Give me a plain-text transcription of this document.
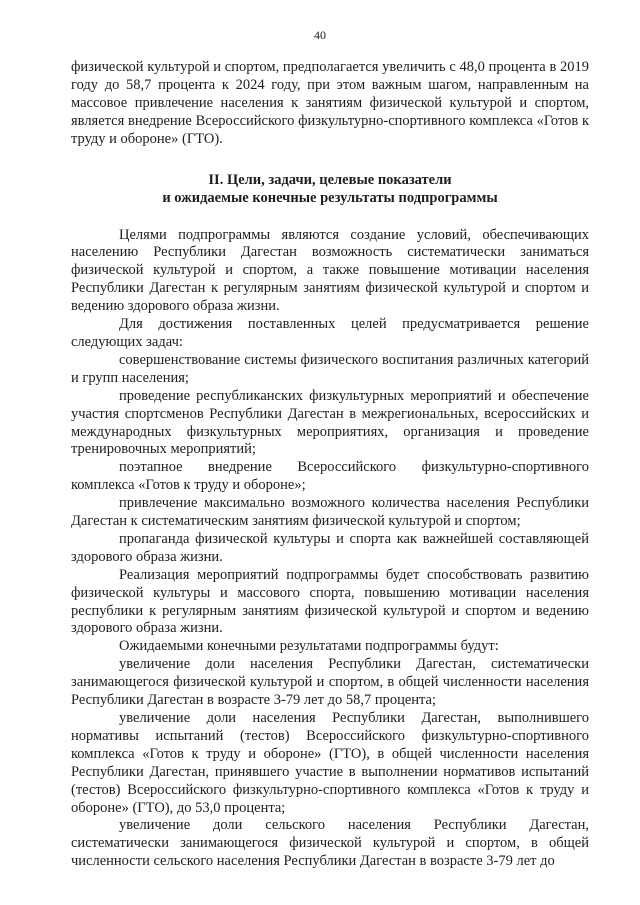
40

физической культурой и спортом, предполагается увеличить с 48,0 процента в 2019 году до 58,7 процента к 2024 году, при этом важным шагом, направленным на массовое привлечение населения к занятиям физической культурой и спортом, является внедрение Всероссийского физкультурно-спортивного комплекса «Готов к труду и обороне» (ГТО).

II. Цели, задачи, целевые показатели
и ожидаемые конечные результаты подпрограммы

Целями подпрограммы являются создание условий, обеспечивающих населению Республики Дагестан возможность систематически заниматься физической культурой и спортом, а также повышение мотивации населения Республики Дагестан к регулярным занятиям физической культурой и спортом и ведению здорового образа жизни.

Для достижения поставленных целей предусматривается решение следующих задач:

совершенствование системы физического воспитания различных категорий и групп населения;

проведение республиканских физкультурных мероприятий и обеспечение участия спортсменов Республики Дагестан в межрегиональных, всероссийских и международных физкультурных мероприятиях, организация и проведение тренировочных мероприятий;

поэтапное внедрение Всероссийского физкультурно-спортивного комплекса «Готов к труду и обороне»;

привлечение максимально возможного количества населения Республики Дагестан к систематическим занятиям физической культурой и спортом;

пропаганда физической культуры и спорта как важнейшей составляющей здорового образа жизни.

Реализация мероприятий подпрограммы будет способствовать развитию физической культуры и массового спорта, повышению мотивации населения республики к регулярным занятиям физической культурой и спортом и ведению здорового образа жизни.

Ожидаемыми конечными результатами подпрограммы будут:

увеличение доли населения Республики Дагестан, систематически занимающегося физической культурой и спортом, в общей численности населения Республики Дагестан в возрасте 3-79 лет до 58,7 процента;

увеличение доли населения Республики Дагестан, выполнившего нормативы испытаний (тестов) Всероссийского физкультурно-спортивного комплекса «Готов к труду и обороне» (ГТО), в общей численности населения Республики Дагестан, принявшего участие в выполнении нормативов испытаний (тестов) Всероссийского физкультурно-спортивного комплекса «Готов к труду и обороне» (ГТО), до 53,0 процента;

увеличение доли сельского населения Республики Дагестан, систематически занимающегося физической культурой и спортом, в общей численности сельского населения Республики Дагестан в возрасте 3-79 лет до
